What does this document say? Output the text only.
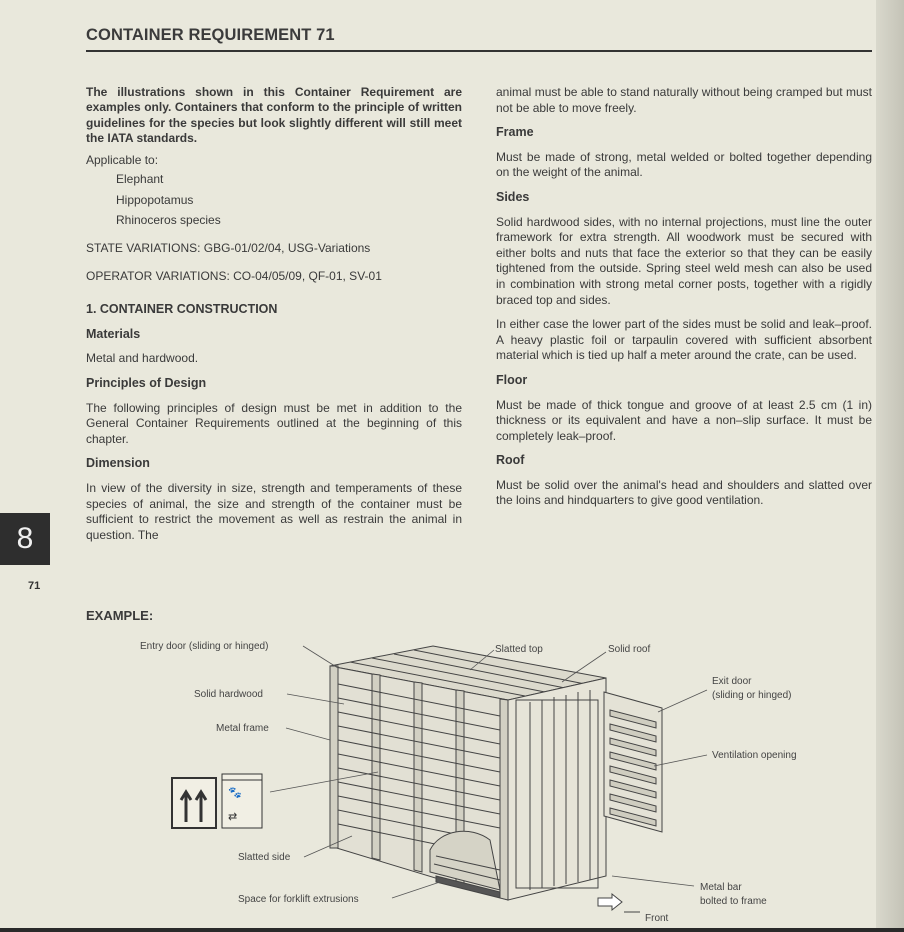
CONTAINER REQUIREMENT 71

The illustrations shown in this Container Requirement are examples only. Containers that conform to the principle of written guidelines for the species but look slightly different will still meet the IATA standards.

Applicable to:

Elephant
Hippopotamus
Rhinoceros species
STATE VARIATIONS: GBG-01/02/04, USG-Variations
OPERATOR VARIATIONS: CO-04/05/09, QF-01, SV-01
1. CONTAINER CONSTRUCTION
Materials

Metal and hardwood.

Principles of Design

The following principles of design must be met in addition to the General Container Requirements outlined at the beginning of this chapter.

Dimension

In view of the diversity in size, strength and temperaments of these species of animal, the size and strength of the container must be sufficient to restrict the movement as well as restrain the animal in question. The

animal must be able to stand naturally without being cramped but must not be able to move freely.

Frame

Must be made of strong, metal welded or bolted together depending on the weight of the animal.

Sides

Solid hardwood sides, with no internal projections, must line the outer framework for extra strength. All woodwork must be secured with either bolts and nuts that face the exterior so that they can be easily tightened from the outside. Spring steel weld mesh can also be used in combination with strong metal corner posts, together with a rigidly braced top and sides.

In either case the lower part of the sides must be solid and leak–proof. A heavy plastic foil or tarpaulin covered with sufficient absorbent material which is tied up half a meter around the crate, can be used.

Floor

Must be made of thick tongue and groove of at least 2.5 cm (1 in) thickness or its equivalent and have a non–slip surface. It must be completely leak–proof.

Roof

Must be solid over the animal's head and shoulders and slatted over the loins and hindquarters to give good ventilation.

8
71
EXAMPLE:
🐾
⇄
Entry door (sliding or hinged)	Slatted top	Solid roof
Solid hardwood
Metal frame
Exit door
(sliding or hinged)
Ventilation opening
Slatted side
Space for forklift extrusions
Metal bar
bolted to frame
Front
